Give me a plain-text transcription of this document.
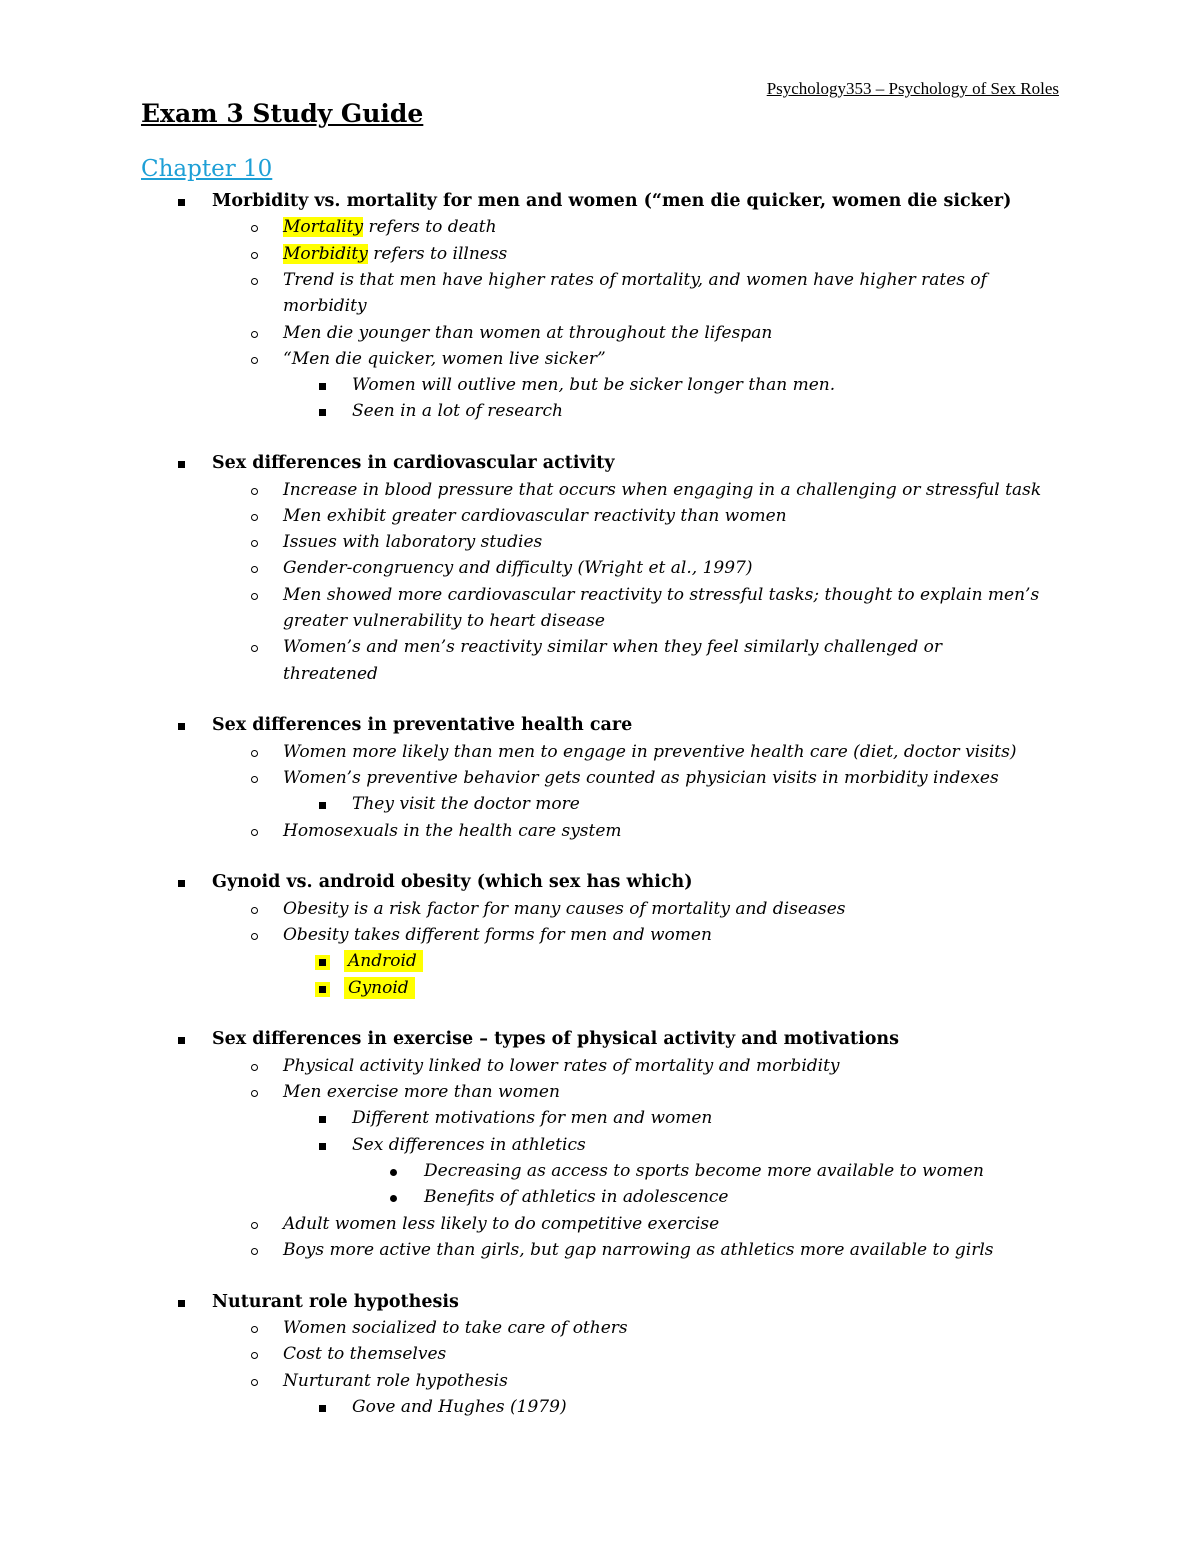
Psychology353 – Psychology of Sex Roles
Exam 3 Study Guide
Chapter 10
Morbidity vs. mortality for men and women (“men die quicker, women die sicker)
Mortality refers to death
Morbidity refers to illness
Trend is that men have higher rates of mortality, and women have higher rates of
morbidity
Men die younger than women at throughout the lifespan
“Men die quicker, women live sicker”
Women will outlive men, but be sicker longer than men.
Seen in a lot of research
Sex differences in cardiovascular activity
Increase in blood pressure that occurs when engaging in a challenging or stressful task
Men exhibit greater cardiovascular reactivity than women
Issues with laboratory studies
Gender-congruency and difficulty (Wright et al., 1997)
Men showed more cardiovascular reactivity to stressful tasks; thought to explain men’s
greater vulnerability to heart disease
Women’s and men’s reactivity similar when they feel similarly challenged or
threatened
Sex differences in preventative health care
Women more likely than men to engage in preventive health care (diet, doctor visits)
Women’s preventive behavior gets counted as physician visits in morbidity indexes
They visit the doctor more
Homosexuals in the health care system
Gynoid vs. android obesity (which sex has which)
Obesity is a risk factor for many causes of mortality and diseases
Obesity takes different forms for men and women
Android
Gynoid
Sex differences in exercise – types of physical activity and motivations
Physical activity linked to lower rates of mortality and morbidity
Men exercise more than women
Different motivations for men and women
Sex differences in athletics
Decreasing as access to sports become more available to women
Benefits of athletics in adolescence
Adult women less likely to do competitive exercise
Boys more active than girls, but gap narrowing as athletics more available to girls
Nuturant role hypothesis
Women socialized to take care of others
Cost to themselves
Nurturant role hypothesis
Gove and Hughes (1979)
